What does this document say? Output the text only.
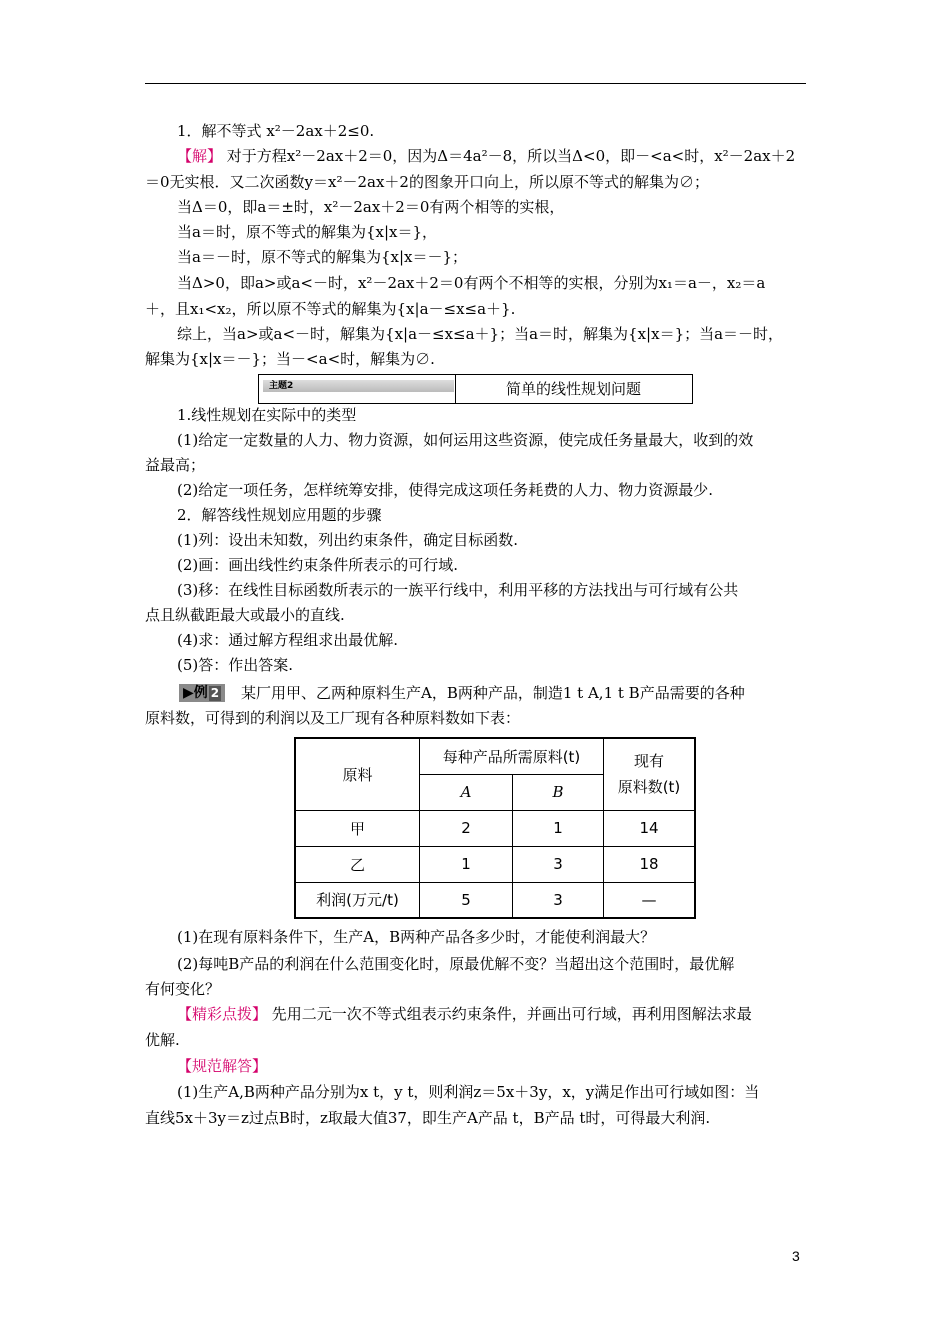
1．解不等式 x²－2ax＋2≤0.
【解】 对于方程x²－2ax＋2＝0，因为Δ＝4a²－8，所以当Δ<0，即－<a<时，x²－2ax＋2
＝0无实根．又二次函数y＝x²－2ax＋2的图象开口向上，所以原不等式的解集为∅；
当Δ＝0，即a＝±时，x²－2ax＋2＝0有两个相等的实根，
当a＝时，原不等式的解集为{x|x＝}，
当a＝－时，原不等式的解集为{x|x＝－}；
当Δ>0，即a>或a<－时，x²－2ax＋2＝0有两个不相等的实根，分别为x₁＝a－，x₂＝a
＋，且x₁<x₂，所以原不等式的解集为{x|a－≤x≤a＋}.
综上，当a>或a<－时，解集为{x|a－≤x≤a＋}；当a＝时，解集为{x|x＝}；当a＝－时，
解集为{x|x＝－}；当－<a<时，解集为∅.
主题2	简单的线性规划问题
1.线性规划在实际中的类型
(1)给定一定数量的人力、物力资源，如何运用这些资源，使完成任务量最大，收到的效
益最高；
(2)给定一项任务，怎样统筹安排，使得完成这项任务耗费的人力、物力资源最少.
2．解答线性规划应用题的步骤
(1)列：设出未知数，列出约束条件，确定目标函数.
(2)画：画出线性约束条件所表示的可行域.
(3)移：在线性目标函数所表示的一族平行线中，利用平移的方法找出与可行域有公共
点且纵截距最大或最小的直线.
(4)求：通过解方程组求出最优解.
(5)答：作出答案.
▶例 2	某厂用甲、乙两种原料生产A，B两种产品，制造1 t A,1 t B产品需要的各种
原料数，可得到的利润以及工厂现有各种原料数如下表：
原料	每种产品所需原料(t)		现有
原料数(t)
	A	B	
甲	2	1	14
乙	1	3	18
利润(万元/t)	5	3	—
(1)在现有原料条件下，生产A，B两种产品各多少时，才能使利润最大？
(2)每吨B产品的利润在什么范围变化时，原最优解不变？当超出这个范围时，最优解
有何变化？
【精彩点拨】 先用二元一次不等式组表示约束条件，并画出可行域，再利用图解法求最
优解.
【规范解答】
(1)生产A,B两种产品分别为x t，y t，则利润z＝5x＋3y，x，y满足作出可行域如图：当
直线5x＋3y＝z过点B时，z取最大值37，即生产A产品 t，B产品 t时，可得最大利润.
3
